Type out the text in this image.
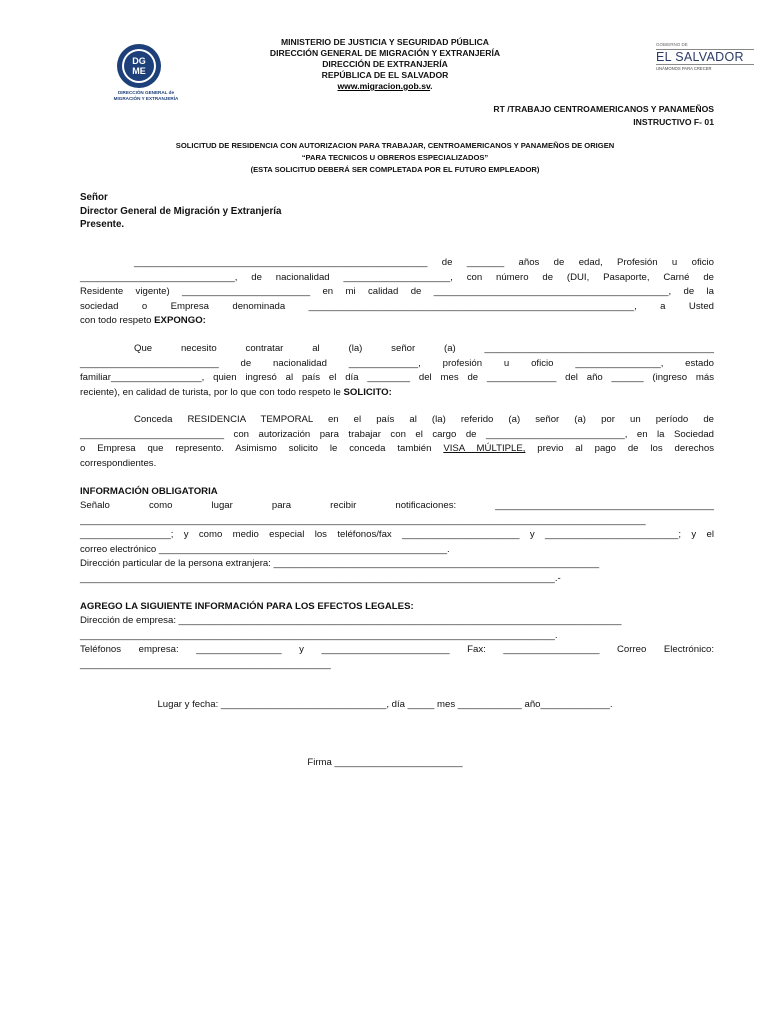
DG
ME
DIRECCIÓN GENERAL de
MIGRACIÓN Y EXTRANJERÍA
GOBIERNO DE
EL SALVADOR
UNÁMONOS PARA CRECER
MINISTERIO DE JUSTICIA Y SEGURIDAD PÚBLICA
DIRECCIÓN GENERAL DE MIGRACIÓN Y EXTRANJERÍA
DIRECCIÓN DE EXTRANJERÍA
REPÚBLICA DE EL SALVADOR
www.migracion.gob.sv.
RT /TRABAJO CENTROAMERICANOS Y PANAMEÑOS
INSTRUCTIVO F- 01
SOLICITUD DE RESIDENCIA CON AUTORIZACION PARA TRABAJAR, CENTROAMERICANOS Y PANAMEÑOS DE ORIGEN
“PARA TECNICOS U OBREROS ESPECIALIZADOS”
(ESTA SOLICITUD DEBERÁ SER COMPLETADA POR EL FUTURO EMPLEADOR)
Señor
Director General de Migración y Extranjería
Presente.
_______________________________________________________ de _______ años de edad, Profesión u oficio
_____________________________, de nacionalidad ____________________, con número de (DUI, Pasaporte, Carné de
Residente vigente) ________________________ en mi calidad de ____________________________________________, de la
sociedad o Empresa denominada _____________________________________________________________, a Usted
con todo respeto EXPONGO:
Que necesito contratar al (la) señor (a) ___________________________________________
__________________________ de nacionalidad _____________, profesión u oficio ________________, estado
familiar_________________, quien ingresó al país el día ________ del mes de _____________ del año ______ (ingreso más
reciente), en calidad de turista, por lo que con todo respeto le SOLICITO:
Conceda RESIDENCIA TEMPORAL en el país al (la) referido (a) señor (a) por un período de
___________________________ con autorización para trabajar con el cargo de __________________________, en la Sociedad
o Empresa que represento. Asimismo solicito le conceda también VISA MÚLTIPLE, previo al pago de los derechos
correspondientes.
INFORMACIÓN OBLIGATORIA
Señalo como lugar para recibir notificaciones: _________________________________________
__________________________________________________________________________________________________________
_________________; y como medio especial los teléfonos/fax ______________________ y _________________________; y el
correo electrónico ______________________________________________________.
Dirección particular de la persona extranjera: _____________________________________________________________
_________________________________________________________________________________________.-
AGREGO LA SIGUIENTE INFORMACIÓN PARA LOS EFECTOS LEGALES:
Dirección de empresa: ___________________________________________________________________________________
_________________________________________________________________________________________.
Teléfonos empresa: ________________ y ________________________ Fax: __________________ Correo Electrónico:
_______________________________________________
Lugar y fecha: _______________________________, día _____ mes ____________ año_____________.
Firma ________________________
